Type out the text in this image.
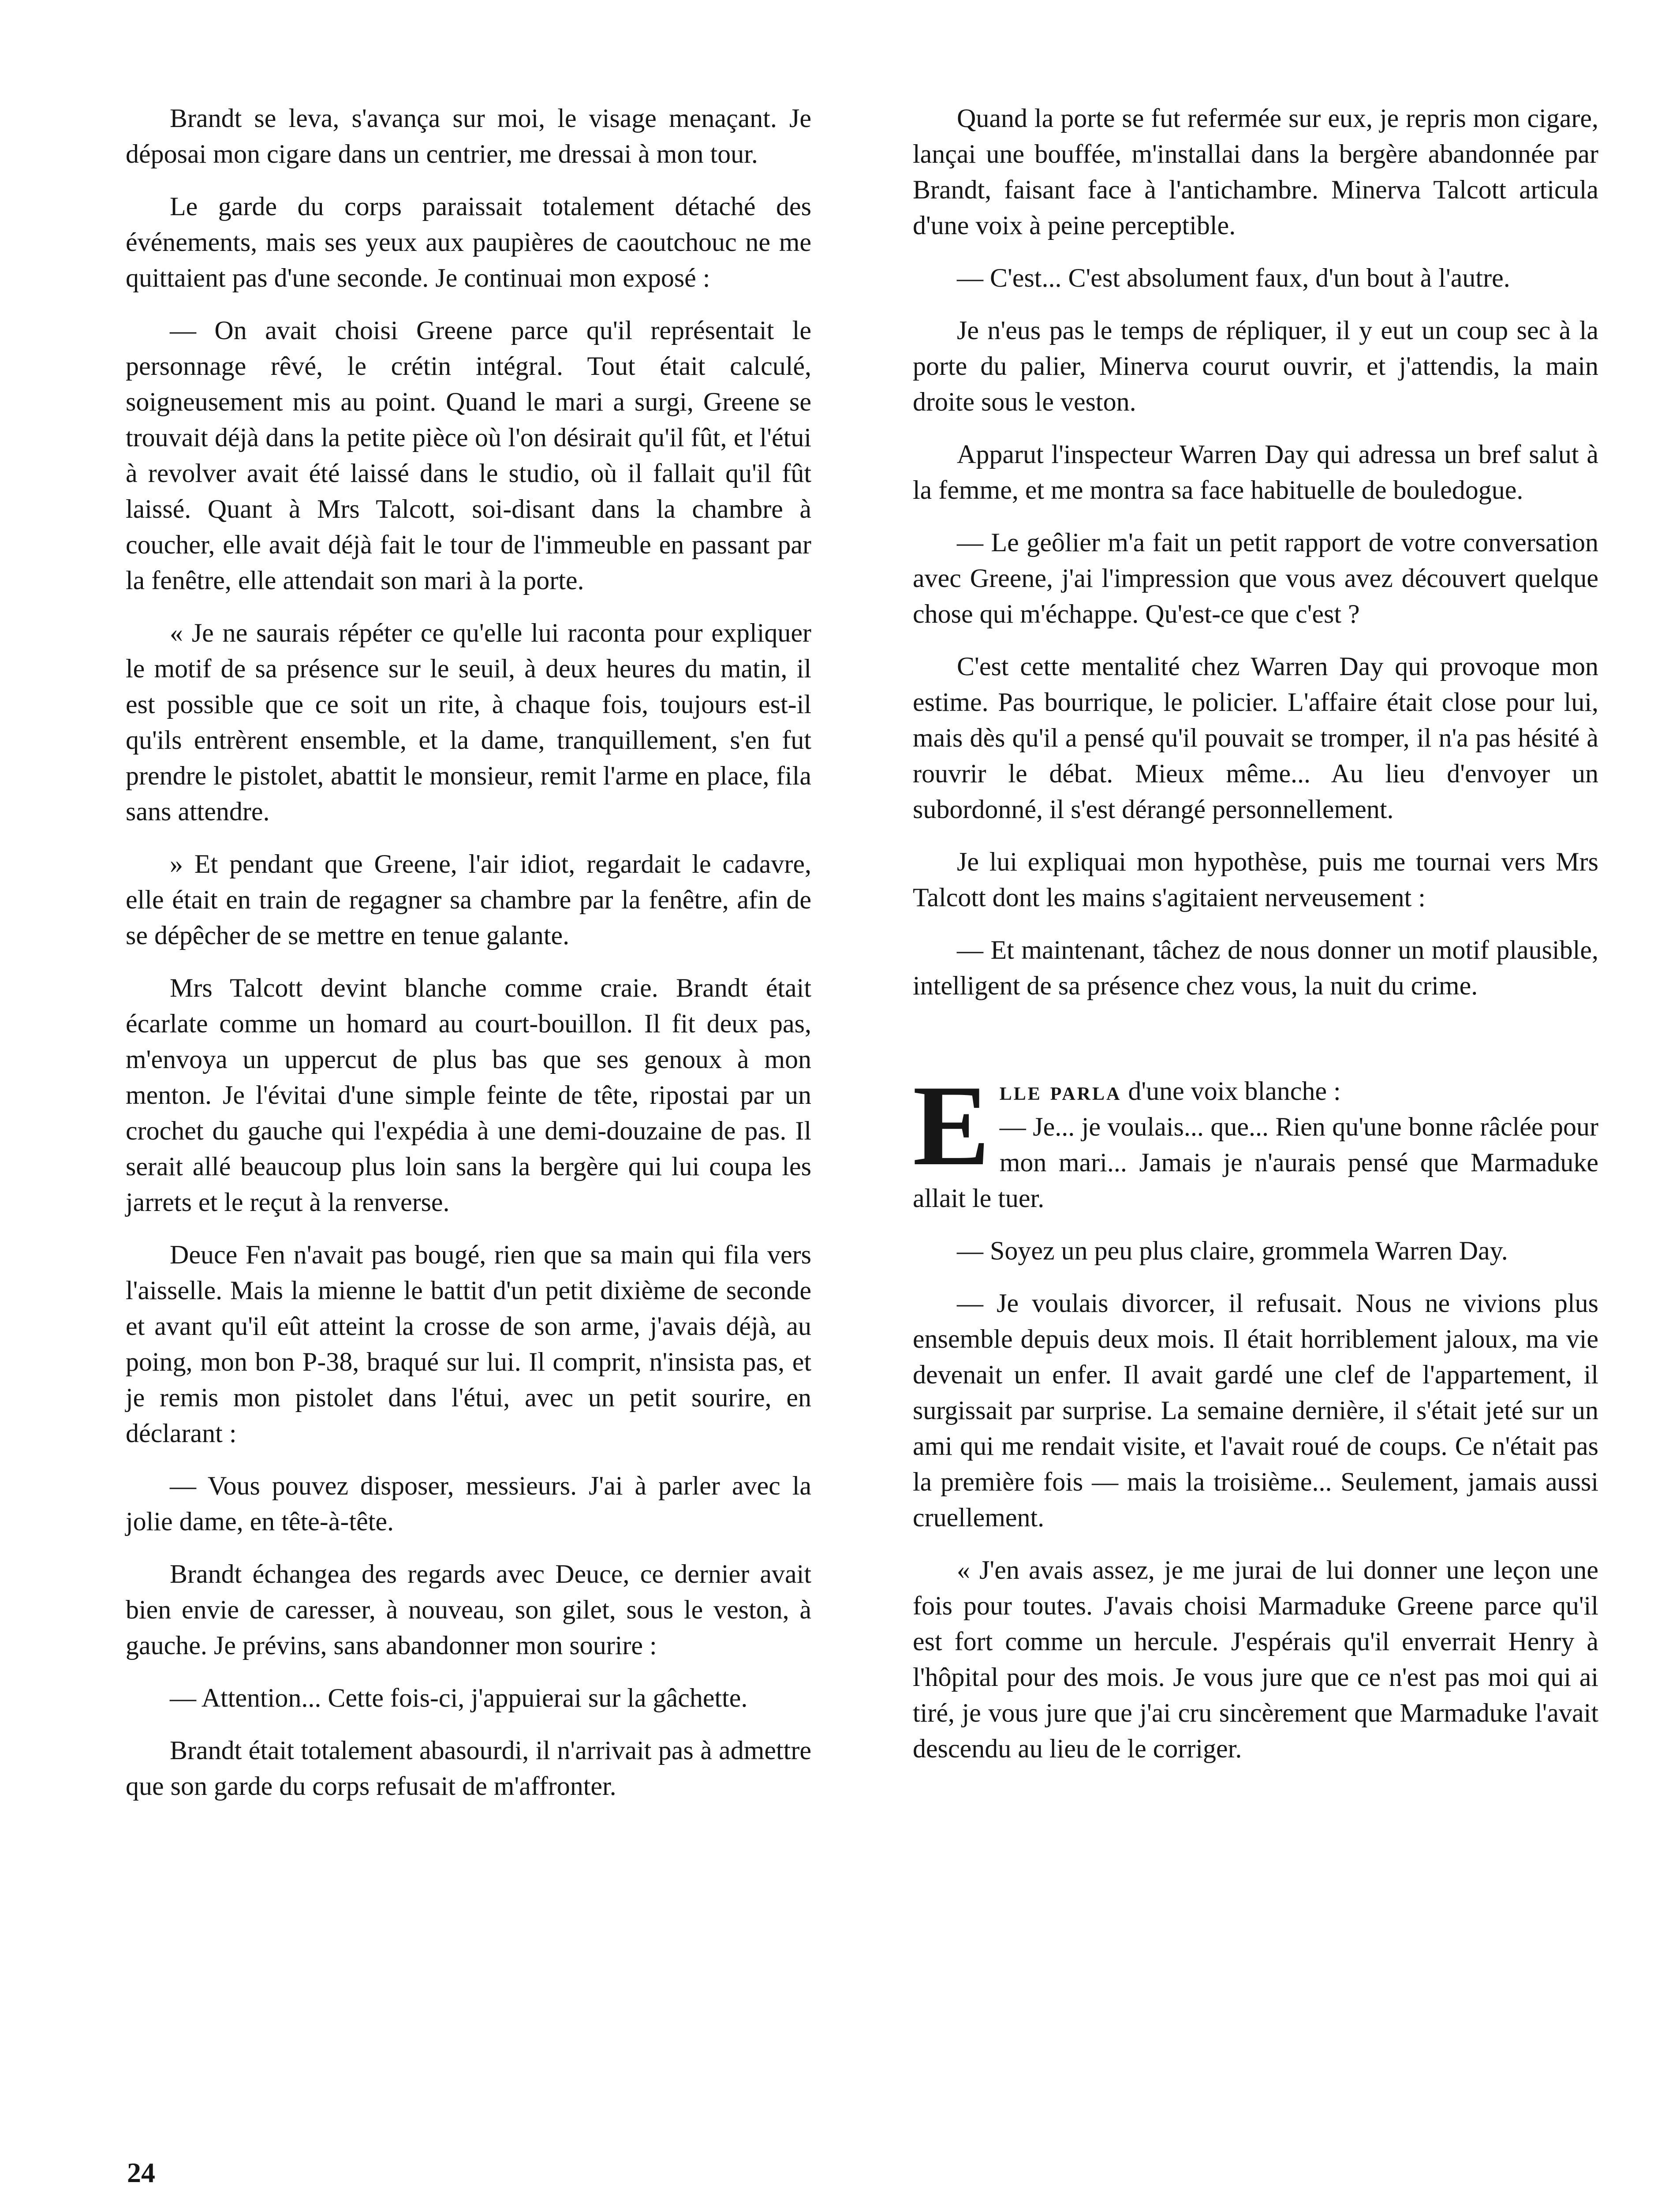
Brandt se leva, s'avança sur moi, le visage menaçant. Je déposai mon cigare dans un centrier, me dressai à mon tour.

Le garde du corps paraissait totalement détaché des événements, mais ses yeux aux paupières de caoutchouc ne me quittaient pas d'une seconde. Je continuai mon exposé :

— On avait choisi Greene parce qu'il représentait le personnage rêvé, le crétin intégral. Tout était calculé, soigneusement mis au point. Quand le mari a surgi, Greene se trouvait déjà dans la petite pièce où l'on désirait qu'il fût, et l'étui à revolver avait été laissé dans le studio, où il fallait qu'il fût laissé. Quant à Mrs Talcott, soi-disant dans la chambre à coucher, elle avait déjà fait le tour de l'immeuble en passant par la fenêtre, elle attendait son mari à la porte.

« Je ne saurais répéter ce qu'elle lui raconta pour expliquer le motif de sa présence sur le seuil, à deux heures du matin, il est possible que ce soit un rite, à chaque fois, toujours est-il qu'ils entrèrent ensemble, et la dame, tranquillement, s'en fut prendre le pistolet, abattit le monsieur, remit l'arme en place, fila sans attendre.

» Et pendant que Greene, l'air idiot, regardait le cadavre, elle était en train de regagner sa chambre par la fenêtre, afin de se dépêcher de se mettre en tenue galante.

Mrs Talcott devint blanche comme craie. Brandt était écarlate comme un homard au court-bouillon. Il fit deux pas, m'envoya un uppercut de plus bas que ses genoux à mon menton. Je l'évitai d'une simple feinte de tête, ripostai par un crochet du gauche qui l'expédia à une demi-douzaine de pas. Il serait allé beaucoup plus loin sans la bergère qui lui coupa les jarrets et le reçut à la renverse.

Deuce Fen n'avait pas bougé, rien que sa main qui fila vers l'aisselle. Mais la mienne le battit d'un petit dixième de seconde et avant qu'il eût atteint la crosse de son arme, j'avais déjà, au poing, mon bon P-38, braqué sur lui. Il comprit, n'insista pas, et je remis mon pistolet dans l'étui, avec un petit sourire, en déclarant :

— Vous pouvez disposer, messieurs. J'ai à parler avec la jolie dame, en tête-à-tête.

Brandt échangea des regards avec Deuce, ce dernier avait bien envie de caresser, à nouveau, son gilet, sous le veston, à gauche. Je prévins, sans abandonner mon sourire :

— Attention... Cette fois-ci, j'appuierai sur la gâchette.

Brandt était totalement abasourdi, il n'arrivait pas à admettre que son garde du corps refusait de m'affronter.

Quand la porte se fut refermée sur eux, je repris mon cigare, lançai une bouffée, m'installai dans la bergère abandonnée par Brandt, faisant face à l'antichambre. Minerva Talcott articula d'une voix à peine perceptible.

— C'est... C'est absolument faux, d'un bout à l'autre.

Je n'eus pas le temps de répliquer, il y eut un coup sec à la porte du palier, Minerva courut ouvrir, et j'attendis, la main droite sous le veston.

Apparut l'inspecteur Warren Day qui adressa un bref salut à la femme, et me montra sa face habituelle de bouledogue.

— Le geôlier m'a fait un petit rapport de votre conversation avec Greene, j'ai l'impression que vous avez découvert quelque chose qui m'échappe. Qu'est-ce que c'est ?

C'est cette mentalité chez Warren Day qui provoque mon estime. Pas bourrique, le policier. L'affaire était close pour lui, mais dès qu'il a pensé qu'il pouvait se tromper, il n'a pas hésité à rouvrir le débat. Mieux même... Au lieu d'envoyer un subordonné, il s'est dérangé personnellement.

Je lui expliquai mon hypothèse, puis me tournai vers Mrs Talcott dont les mains s'agitaient nerveusement :

— Et maintenant, tâchez de nous donner un motif plausible, intelligent de sa présence chez vous, la nuit du crime.

Elle parla d'une voix blanche :
— Je... je voulais... que... Rien qu'une bonne râclée pour mon mari... Jamais je n'aurais pensé que Marmaduke allait le tuer.

— Soyez un peu plus claire, grommela Warren Day.

— Je voulais divorcer, il refusait. Nous ne vivions plus ensemble depuis deux mois. Il était horriblement jaloux, ma vie devenait un enfer. Il avait gardé une clef de l'appartement, il surgissait par surprise. La semaine dernière, il s'était jeté sur un ami qui me rendait visite, et l'avait roué de coups. Ce n'était pas la première fois — mais la troisième... Seulement, jamais aussi cruellement.

« J'en avais assez, je me jurai de lui donner une leçon une fois pour toutes. J'avais choisi Marmaduke Greene parce qu'il est fort comme un hercule. J'espérais qu'il enverrait Henry à l'hôpital pour des mois. Je vous jure que ce n'est pas moi qui ai tiré, je vous jure que j'ai cru sincèrement que Marmaduke l'avait descendu au lieu de le corriger.

24
